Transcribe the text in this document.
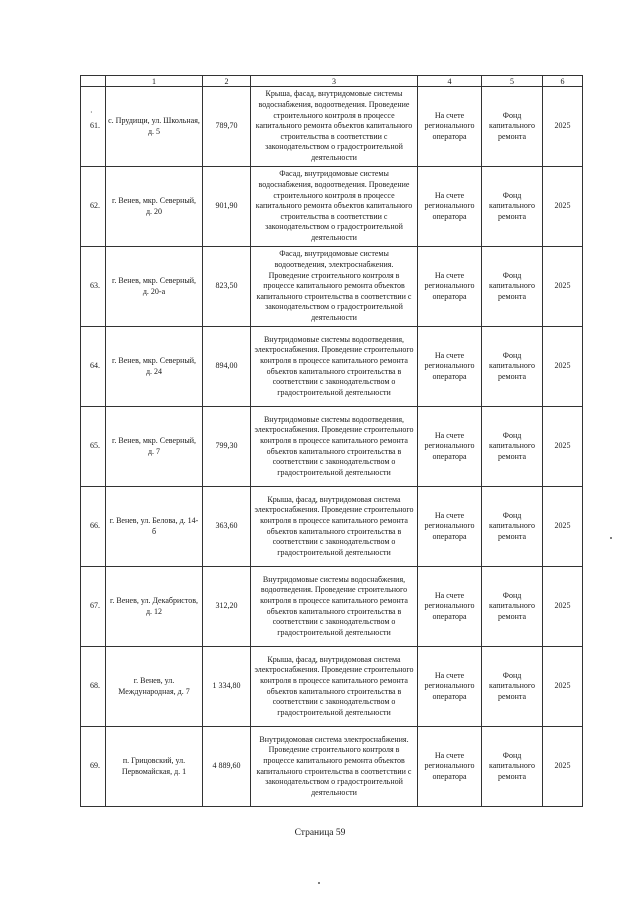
	1	2	3	4	5	6
61.	с. Прудищи, ул. Школьная, д. 5	789,70	Крыша, фасад, внутридомовые системы водоснабжения, водоотведения. Проведение строительного контроля в процессе капитального ремонта объектов капитального строительства в соответствии с законодательством о градостроительной деятельности	На счете регионального оператора	Фонд капитального ремонта	2025
62.	г. Венев, мкр. Северный, д. 20	901,90	Фасад, внутридомовые системы водоснабжения, водоотведения. Проведение строительного контроля в процессе капитального ремонта объектов капитального строительства в соответствии с законодательством о градостроительной деятельности	На счете регионального оператора	Фонд капитального ремонта	2025
63.	г. Венев, мкр. Северный, д. 20-а	823,50	Фасад, внутридомовые системы водоотведения, электроснабжения. Проведение строительного контроля в процессе капитального ремонта объектов капитального строительства в соответствии с законодательством о градостроительной деятельности	На счете регионального оператора	Фонд капитального ремонта	2025
64.	г. Венев, мкр. Северный, д. 24	894,00	Внутридомовые системы водоотведения, электроснабжения. Проведение строительного контроля в процессе капитального ремонта объектов капитального строительства в соответствии с законодательством о градостроительной деятельности	На счете регионального оператора	Фонд капитального ремонта	2025
65.	г. Венев, мкр. Северный, д. 7	799,30	Внутридомовые системы водоотведения, электроснабжения. Проведение строительного контроля в процессе капитального ремонта объектов капитального строительства в соответствии с законодательством о градостроительной деятельности	На счете регионального оператора	Фонд капитального ремонта	2025
66.	г. Венев, ул. Белова, д. 14-б	363,60	Крыша, фасад, внутридомовая система электроснабжения. Проведение строительного контроля в процессе капитального ремонта объектов капитального строительства в соответствии с законодательством о градостроительной деятельности	На счете регионального оператора	Фонд капитального ремонта	2025
67.	г. Венев, ул. Декабристов, д. 12	312,20	Внутридомовые системы водоснабжения, водоотведения. Проведение строительного контроля в процессе капитального ремонта объектов капитального строительства в соответствии с законодательством о градостроительной деятельности	На счете регионального оператора	Фонд капитального ремонта	2025
68.	г. Венев, ул. Международная, д. 7	1 334,80	Крыша, фасад, внутридомовая система электроснабжения. Проведение строительного контроля в процессе капитального ремонта объектов капитального строительства в соответствии с законодательством о градостроительной деятельности	На счете регионального оператора	Фонд капитального ремонта	2025
69.	п. Грицовский, ул. Первомайская, д. 1	4 889,60	Внутридомовая система электроснабжения. Проведение строительного контроля в процессе капитального ремонта объектов капитального строительства в соответствии с законодательством о градостроительной деятельности	На счете регионального оператора	Фонд капитального ремонта	2025
·
Страница 59
